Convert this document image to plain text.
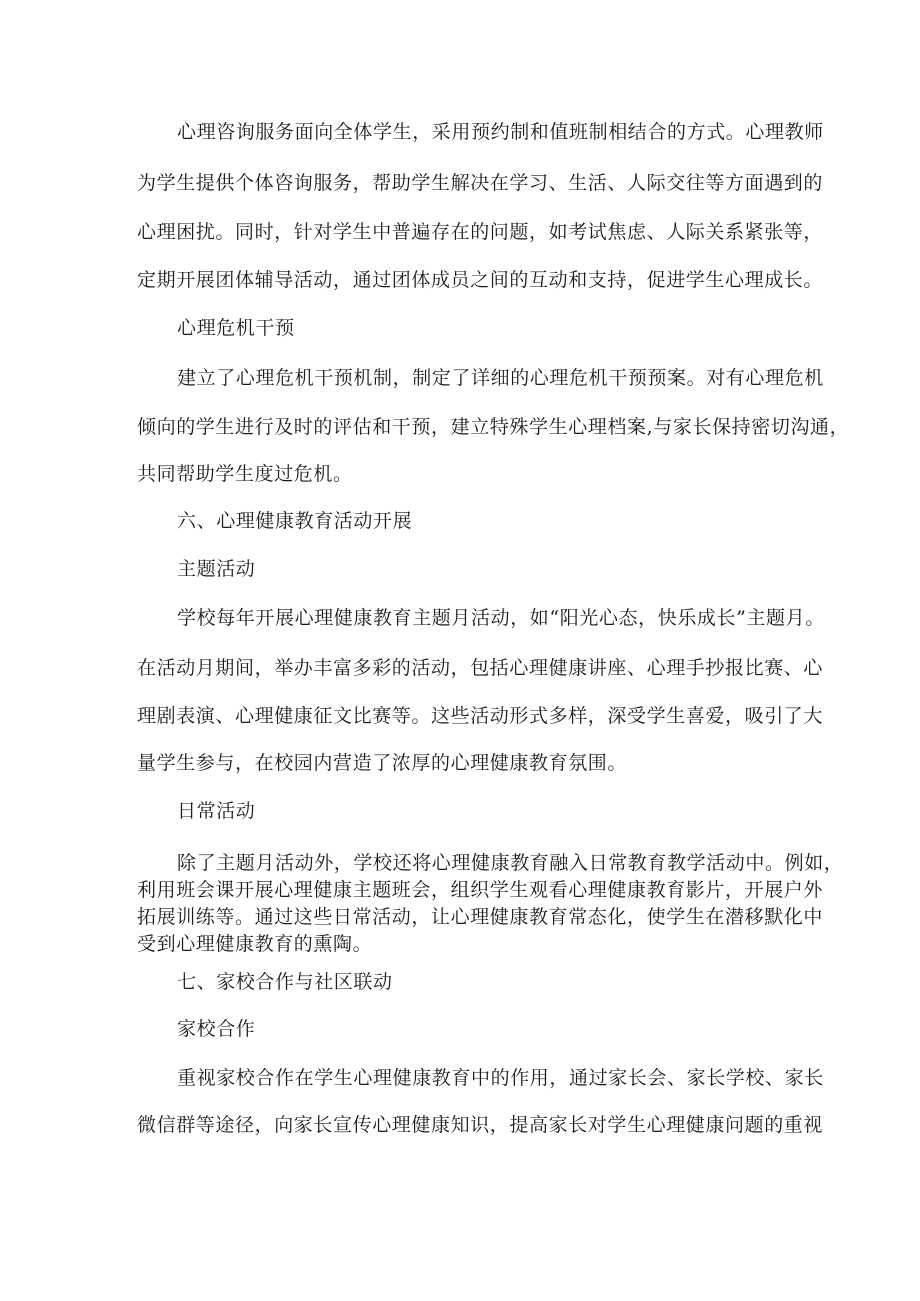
心理咨询服务面向全体学生，采用预约制和值班制相结合的方式。心理教师
为学生提供个体咨询服务，帮助学生解决在学习、生活、人际交往等方面遇到的
心理困扰。同时，针对学生中普遍存在的问题，如考试焦虑、人际关系紧张等，
定期开展团体辅导活动，通过团体成员之间的互动和支持，促进学生心理成长。
心理危机干预
建立了心理危机干预机制，制定了详细的心理危机干预预案。对有心理危机
倾向的学生进行及时的评估和干预，建立特殊学生心理档案,与家长保持密切沟通，
共同帮助学生度过危机。
六、心理健康教育活动开展
主题活动
学校每年开展心理健康教育主题月活动，如“阳光心态，快乐成长”主题月。
在活动月期间，举办丰富多彩的活动，包括心理健康讲座、心理手抄报比赛、心
理剧表演、心理健康征文比赛等。这些活动形式多样，深受学生喜爱，吸引了大
量学生参与，在校园内营造了浓厚的心理健康教育氛围。
日常活动
除了主题月活动外，学校还将心理健康教育融入日常教育教学活动中。例如，
利用班会课开展心理健康主题班会，组织学生观看心理健康教育影片，开展户外
拓展训练等。通过这些日常活动，让心理健康教育常态化，使学生在潜移默化中
受到心理健康教育的熏陶。
七、家校合作与社区联动
家校合作
重视家校合作在学生心理健康教育中的作用，通过家长会、家长学校、家长
微信群等途径，向家长宣传心理健康知识，提高家长对学生心理健康问题的重视
